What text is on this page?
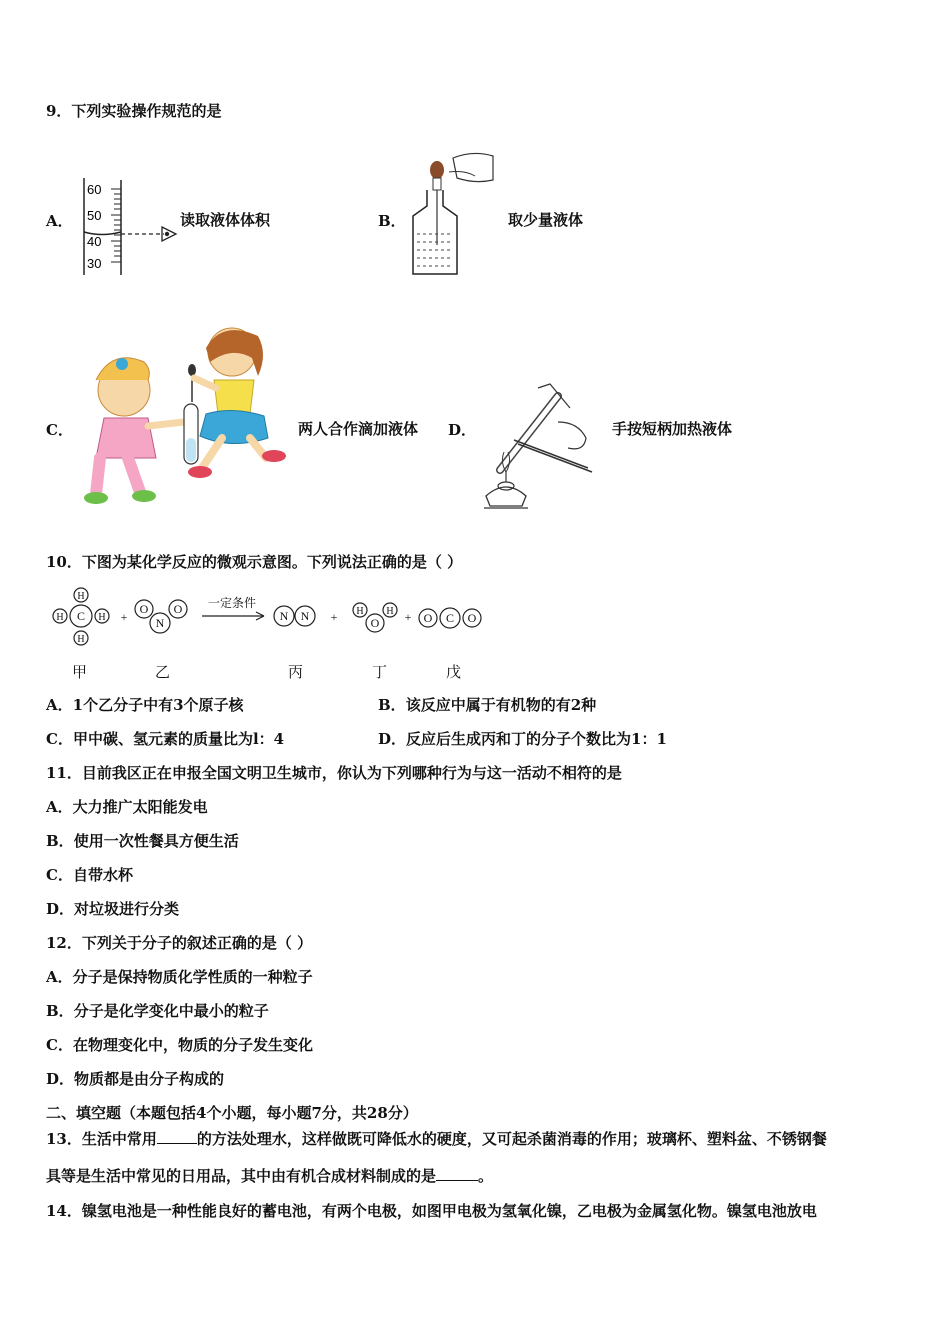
9．下列实验操作规范的是
A．
60
50
40
30
读取液体体积	B．	取少量液体
C．	两人合作滴加液体 D．	手按短柄加热液体
10．下图为某化学反应的微观示意图。下列说法正确的是（ ）
C
H
H
H	H + N
O O 一定条件
N N +	O
H H + O C O
甲	乙	丙	丁	戊
A．1个乙分子中有3个原子核	B．该反应中属于有机物的有2种
C．甲中碳、氢元素的质量比为l：4	D．反应后生成丙和丁的分子个数比为1：1
11．目前我区正在申报全国文明卫生城市，你认为下列哪种行为与这一活动不相符的是
A．大力推广太阳能发电
B．使用一次性餐具方便生活
C．自带水杯
D．对垃圾进行分类
12．下列关于分子的叙述正确的是（ ）
A．分子是保持物质化学性质的一种粒子
B．分子是化学变化中最小的粒子
C．在物理变化中，物质的分子发生变化
D．物质都是由分子构成的
二、填空题（本题包括4个小题，每小题7分，共28分）
13．生活中常用	的方法处理水，这样做既可降低水的硬度，又可起杀菌消毒的作用；玻璃杯、塑料盆、不锈钢餐
具等是生活中常见的日用品，其中由有机合成材料制成的是	。
14．镍氢电池是一种性能良好的蓄电池，有两个电极，如图甲电极为氢氧化镍，乙电极为金属氢化物。镍氢电池放电
